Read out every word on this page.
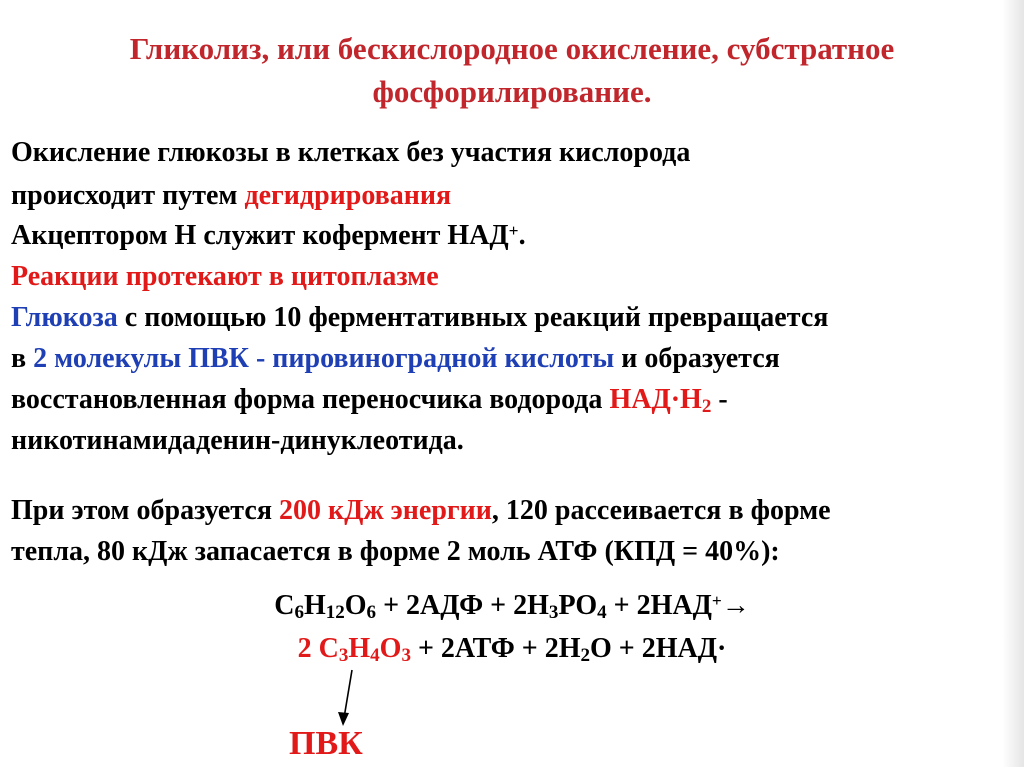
Гликолиз, или бескислородное окисление, субстратное
фосфорилирование.
Окисление глюкозы в клетках без участия кислорода
происходит путем дегидрирования
Акцептором Н служит кофермент НАД+.
Реакции протекают в цитоплазме
Глюкоза с помощью 10 ферментативных реакций превращается
в 2 молекулы ПВК - пировиноградной кислоты и образуется
восстановленная форма переносчика водорода $НАД\cdot Н_2$ -
никотинамидаденин-динуклеотида.
При этом образуется 200 кДж энергии, 120 рассеивается в форме
тепла, 80 кДж запасается в форме 2 моль АТФ (КПД = 40%):
$С_6Н_{12}О_6 + 2АДФ + 2Н_3РО_4 + 2НАД^+\to$
2 $С_3Н_4О_3 + 2АТФ + 2Н_2О + 2НАД\cdot$
ПВК
